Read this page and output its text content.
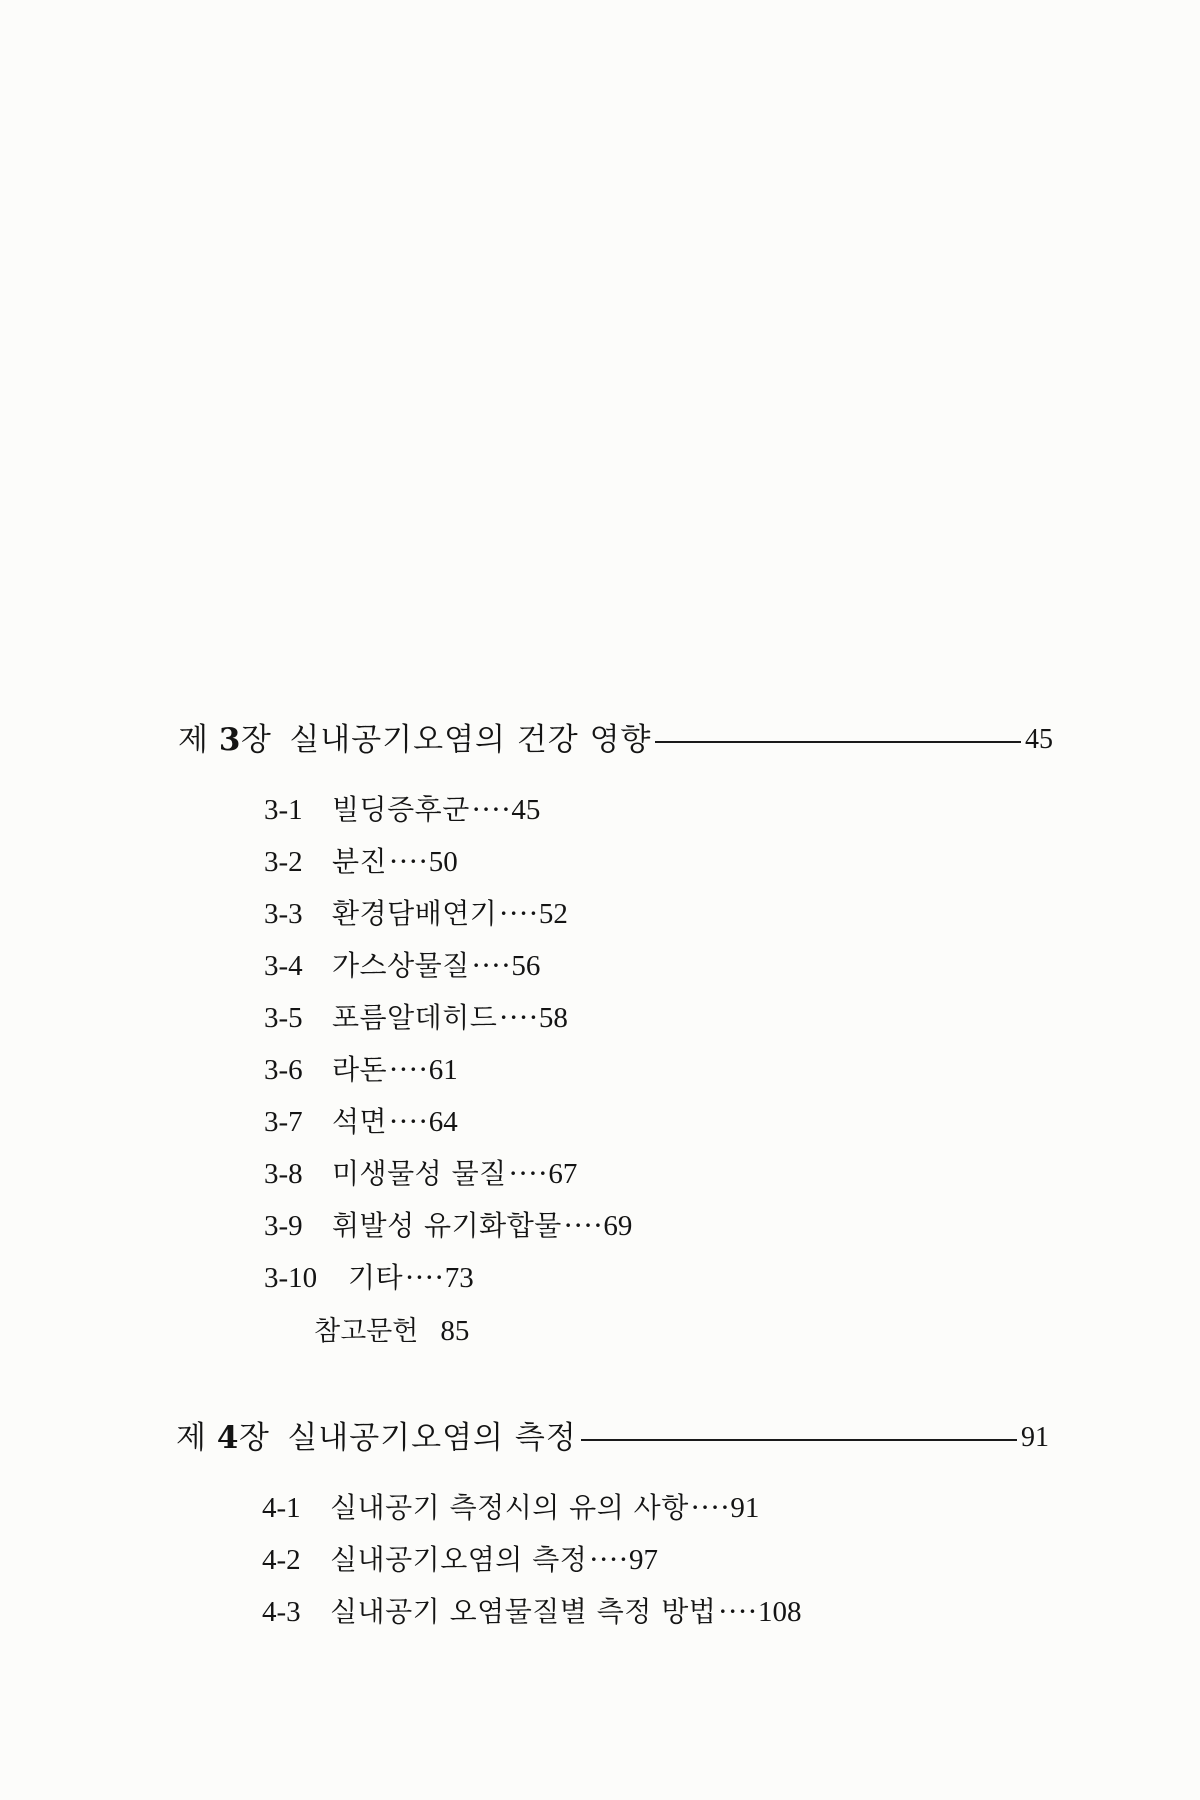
제 3장 실내공기오염의 건강 영향	45
3-1	빌딩증후군 ···· 45
3-2	분진 ···· 50
3-3	환경담배연기 ···· 52
3-4	가스상물질 ···· 56
3-5	포름알데히드 ···· 58
3-6	라돈 ···· 61
3-7	석면 ···· 64
3-8	미생물성 물질 ···· 67
3-9	휘발성 유기화합물 ···· 69
3-10	기타 ···· 73
참고문헌 85
제 4장 실내공기오염의 측정	91
4-1	실내공기 측정시의 유의 사항 ···· 91
4-2	실내공기오염의 측정 ···· 97
4-3	실내공기 오염물질별 측정 방법 ···· 108
